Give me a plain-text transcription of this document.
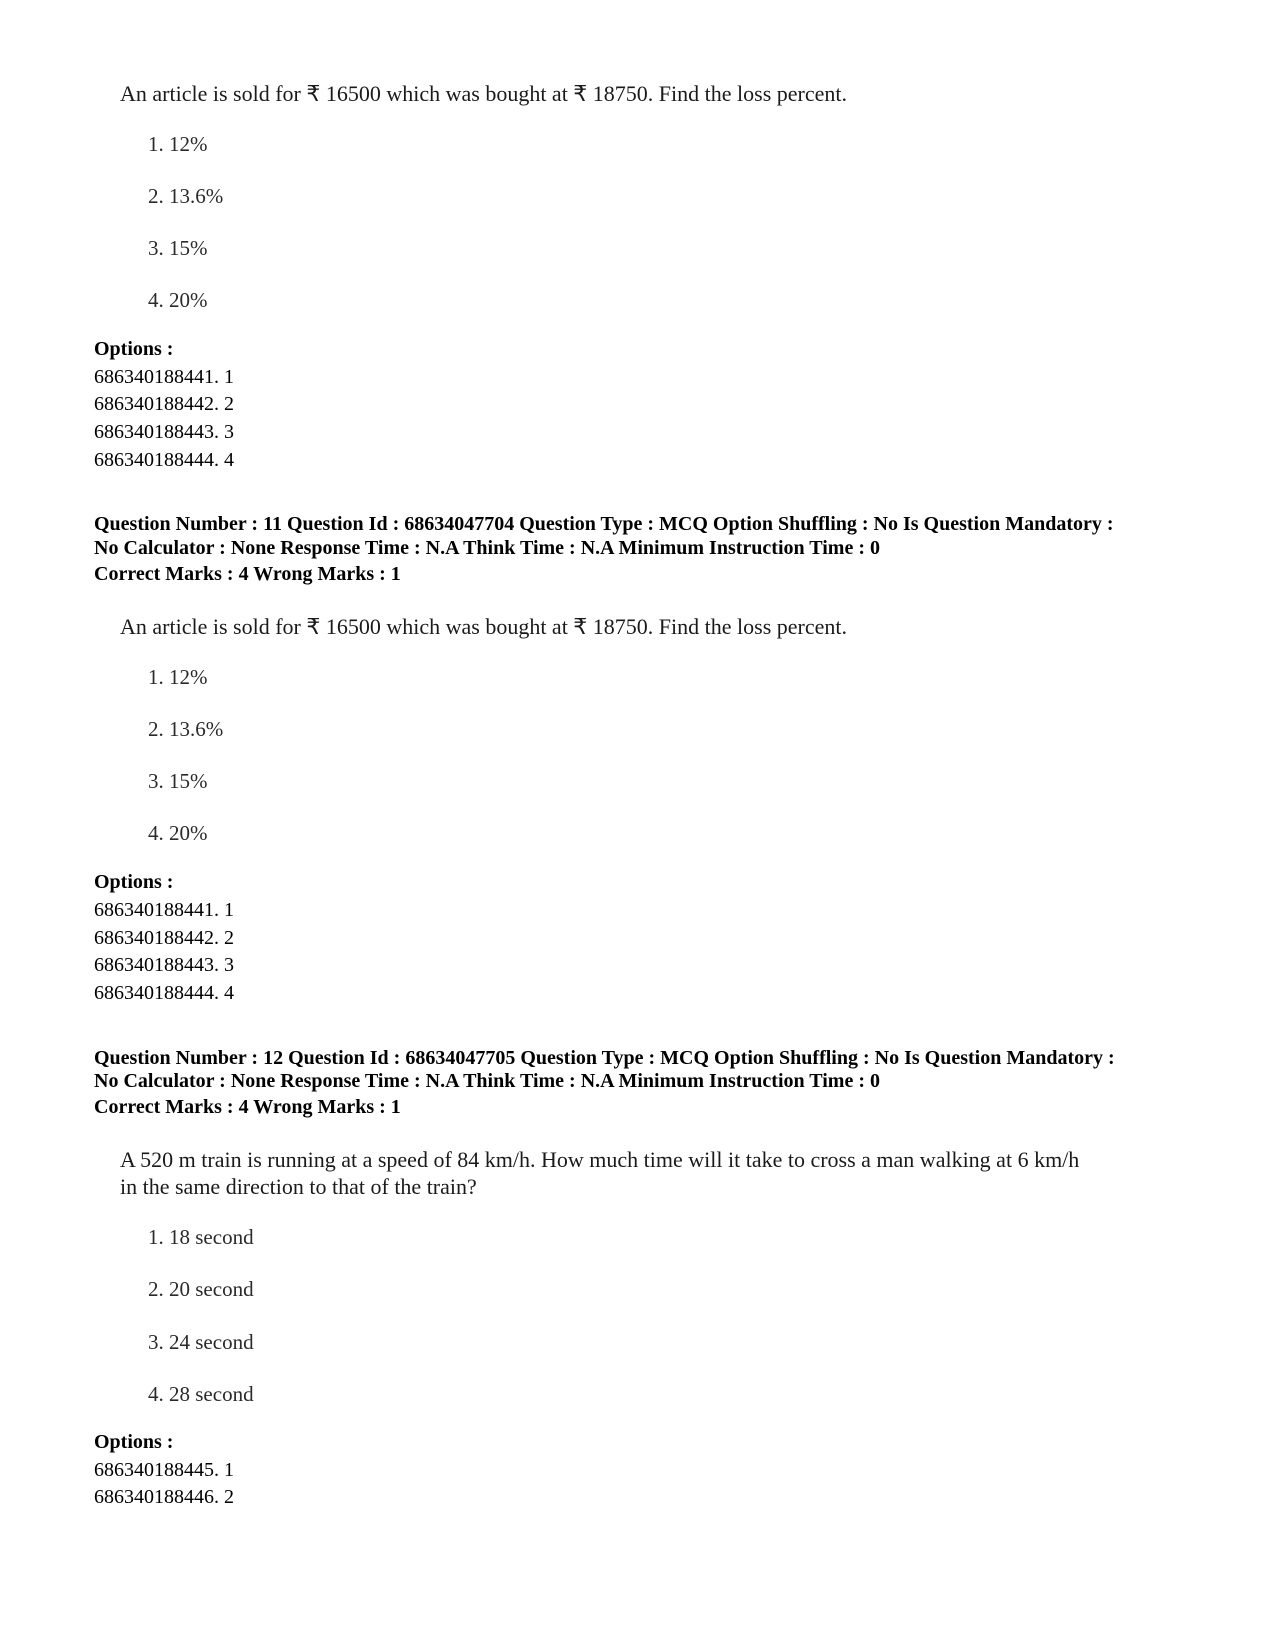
An article is sold for ₹ 16500 which was bought at ₹ 18750. Find the loss percent.

1. 12%

2. 13.6%

3. 15%

4. 20%

Options :

686340188441. 1

686340188442. 2

686340188443. 3

686340188444. 4

Question Number : 11 Question Id : 68634047704 Question Type : MCQ Option Shuffling : No Is Question Mandatory :

No Calculator : None Response Time : N.A Think Time : N.A Minimum Instruction Time : 0

Correct Marks : 4 Wrong Marks : 1

An article is sold for ₹ 16500 which was bought at ₹ 18750. Find the loss percent.

1. 12%

2. 13.6%

3. 15%

4. 20%

Options :

686340188441. 1

686340188442. 2

686340188443. 3

686340188444. 4

Question Number : 12 Question Id : 68634047705 Question Type : MCQ Option Shuffling : No Is Question Mandatory :

No Calculator : None Response Time : N.A Think Time : N.A Minimum Instruction Time : 0

Correct Marks : 4 Wrong Marks : 1

A 520 m train is running at a speed of 84 km/h. How much time will it take to cross a man walking at 6 km/h

in the same direction to that of the train?

1. 18 second

2. 20 second

3. 24 second

4. 28 second

Options :

686340188445. 1

686340188446. 2
